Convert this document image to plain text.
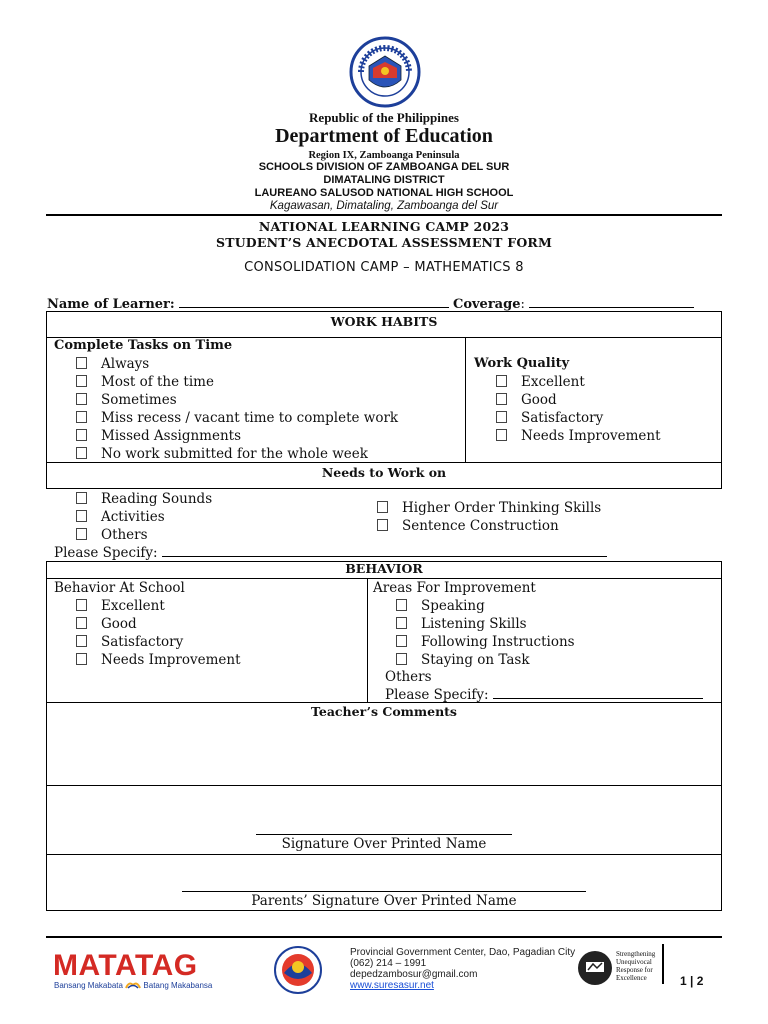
Republic of the Philippines
Department of Education
Region IX, Zamboanga Peninsula
SCHOOLS DIVISION OF ZAMBOANGA DEL SUR
DIMATALING DISTRICT
LAUREANO SALUSOD NATIONAL HIGH SCHOOL
Kagawasan, Dimataling, Zamboanga del Sur
NATIONAL LEARNING CAMP 2023
STUDENT’S ANECDOTAL ASSESSMENT FORM
CONSOLIDATION CAMP – MATHEMATICS 8
Name of Learner:	Coverage:
WORK HABITS
Complete Tasks on Time
Always
Most of the time
Sometimes
Miss recess / vacant time to complete work
Missed Assignments
No work submitted for the whole week
Work Quality
Excellent
Good
Satisfactory
Needs Improvement
Needs to Work on
Reading Sounds
Activities
Others
Higher Order Thinking Skills
Sentence Construction
Please Specify:
BEHAVIOR
Behavior At School
Excellent
Good
Satisfactory
Needs Improvement
Areas For Improvement
Speaking
Listening Skills
Following Instructions
Staying on Task
Others
Please Specify:
Teacher’s Comments
Signature Over Printed Name
Parents’ Signature Over Printed Name
MATATAG
Bansang Makabata	Batang Makabansa
Provincial Government Center, Dao, Pagadian City
(062) 214 – 1991
depedzambosur@gmail.com
www.suresasur.net
Strengthening
Unequivocal
Response for
Excellence	1 | 2
